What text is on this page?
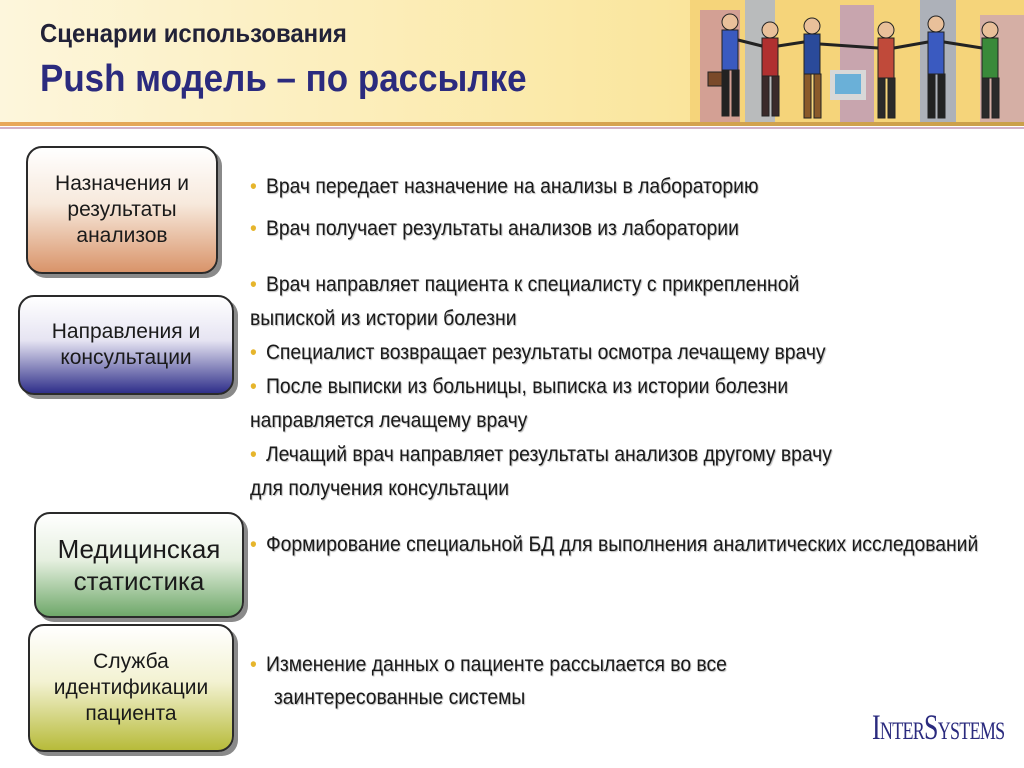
Сценарии использования
Push модель – по рассылке
Назначения и
результаты
анализов
Направления и
консультации
Медицинская
статистика
Служба
идентификации
пациента
• Врач передает назначение на анализы в лабораторию
• Врач получает результаты анализов из лаборатории
• Врач направляет пациента к специалисту с прикрепленной
выпиской из истории болезни
• Специалист возвращает результаты осмотра лечащему врачу
• После выписки из больницы, выписка из истории болезни
направляется лечащему врачу
• Лечащий врач направляет результаты анализов другому врачу
для получения консультации
• Формирование специальной БД для выполнения аналитических исследований
• Изменение данных о пациенте рассылается во все заинтересованные системы
InterSystems
